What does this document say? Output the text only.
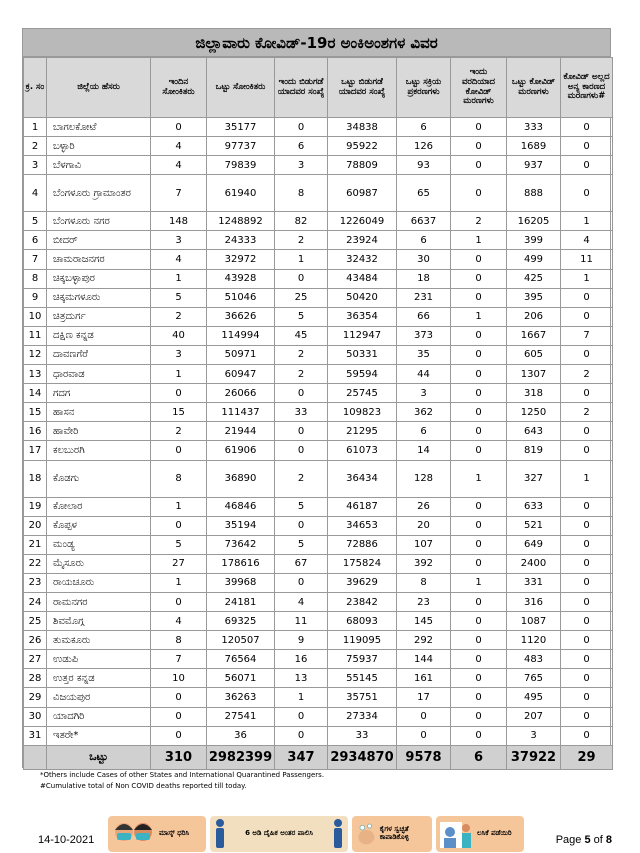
ಜಿಲ್ಲಾವಾರು ಕೋವಿಡ್-19ರ ಅಂಕಿಅಂಶಗಳ ವಿವರ
ಕ್ರ. ಸಂ	ಜಿಲ್ಲೆಯ ಹೆಸರು	ಇಂದಿನ ಸೋಂಕಿತರು	ಒಟ್ಟು ಸೋಂಕಿತರು	ಇಂದು ಬಿಡುಗಡೆ ಯಾದವರ ಸಂಖ್ಯೆ	ಒಟ್ಟು ಬಿಡುಗಡೆ ಯಾದವರ ಸಂಖ್ಯೆ	ಒಟ್ಟು ಸಕ್ರಿಯ ಪ್ರಕರಣಗಳು	ಇಂದು ವರದಿಯಾದ ಕೋವಿಡ್ ಮರಣಗಳು	ಒಟ್ಟು ಕೋವಿಡ್ ಮರಣಗಳು	ಕೋವಿಡ್ ಅಲ್ಲದ ಅನ್ಯ ಕಾರಣದ ಮರಣಗಳು#
1	ಬಾಗಲಕೋಟೆ	0	35177	0	34838	6	0	333	0
2	ಬಳ್ಳಾರಿ	4	97737	6	95922	126	0	1689	0
3	ಬೆಳಗಾವಿ	4	79839	3	78809	93	0	937	0
4	ಬೆಂಗಳೂರು ಗ್ರಾಮಾಂತರ	7	61940	8	60987	65	0	888	0
5	ಬೆಂಗಳೂರು ನಗರ	148	1248892	82	1226049	6637	2	16205	1
6	ಬೀದರ್	3	24333	2	23924	6	1	399	4
7	ಚಾಮರಾಜನಗರ	4	32972	1	32432	30	0	499	11
8	ಚಿಕ್ಕಬಳ್ಳಾಪುರ	1	43928	0	43484	18	0	425	1
9	ಚಿಕ್ಕಮಗಳೂರು	5	51046	25	50420	231	0	395	0
10	ಚಿತ್ರದುರ್ಗ	2	36626	5	36354	66	1	206	0
11	ದಕ್ಷಿಣ ಕನ್ನಡ	40	114994	45	112947	373	0	1667	7
12	ದಾವಣಗೆರೆ	3	50971	2	50331	35	0	605	0
13	ಧಾರವಾಡ	1	60947	2	59594	44	0	1307	2
14	ಗದಗ	0	26066	0	25745	3	0	318	0
15	ಹಾಸನ	15	111437	33	109823	362	0	1250	2
16	ಹಾವೇರಿ	2	21944	0	21295	6	0	643	0
17	ಕಲಬುರಗಿ	0	61906	0	61073	14	0	819	0
18	ಕೊಡಗು	8	36890	2	36434	128	1	327	1
19	ಕೋಲಾರ	1	46846	5	46187	26	0	633	0
20	ಕೊಪ್ಪಳ	0	35194	0	34653	20	0	521	0
21	ಮಂಡ್ಯ	5	73642	5	72886	107	0	649	0
22	ಮೈಸೂರು	27	178616	67	175824	392	0	2400	0
23	ರಾಯಚೂರು	1	39968	0	39629	8	1	331	0
24	ರಾಮನಗರ	0	24181	4	23842	23	0	316	0
25	ಶಿವಮೊಗ್ಗ	4	69325	11	68093	145	0	1087	0
26	ತುಮಕೂರು	8	120507	9	119095	292	0	1120	0
27	ಉಡುಪಿ	7	76564	16	75937	144	0	483	0
28	ಉತ್ತರ ಕನ್ನಡ	10	56071	13	55145	161	0	765	0
29	ವಿಜಯಪುರ	0	36263	1	35751	17	0	495	0
30	ಯಾದಗಿರಿ	0	27541	0	27334	0	0	207	0
31	ಇತರೇ*	0	36	0	33	0	0	3	0
	ಒಟ್ಟು	310	2982399	347	2934870	9578	6	37922	29
*Others include Cases of other States and International Quarantined Passengers.
#Cumulative total of Non COVID deaths reported till today.
14-10-2021
ಮಾಸ್ಕ್ ಧರಿಸಿ	6 ಅಡಿ ದೈಹಿಕ ಅಂತರ ಪಾಲಿಸಿ	ಕೈಗಳ ಸ್ವಚ್ಛತೆ ಕಾಪಾಡಿಕೊಳ್ಳಿ	ಲಸಿಕೆ ಪಡೆಯಿರಿ
Page 5 of 8
